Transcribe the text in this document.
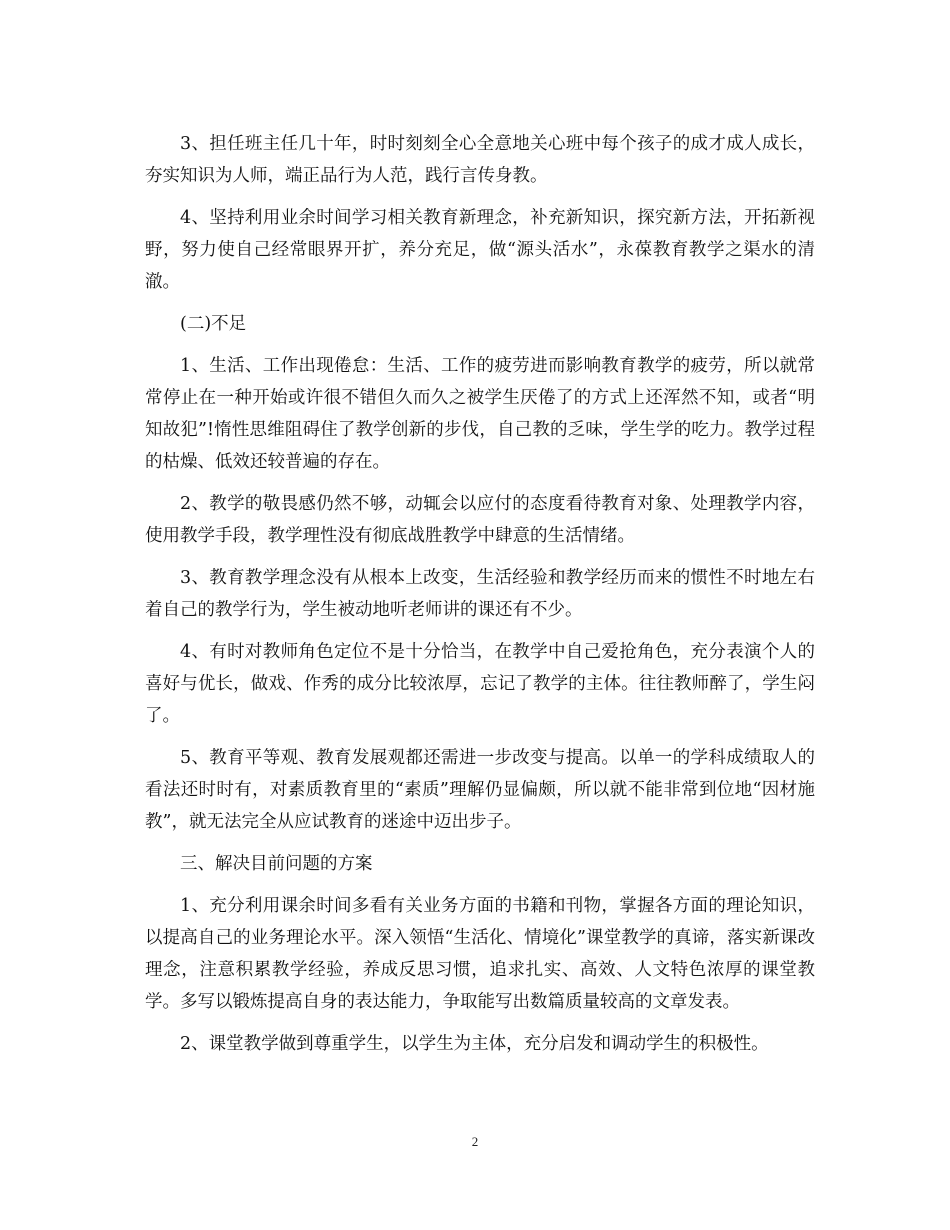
3、担任班主任几十年，时时刻刻全心全意地关心班中每个孩子的成才成人成长，夯实知识为人师，端正品行为人范，践行言传身教。

4、坚持利用业余时间学习相关教育新理念，补充新知识，探究新方法，开拓新视野，努力使自己经常眼界开扩，养分充足，做“源头活水”，永葆教育教学之渠水的清澈。

(二)不足

1、生活、工作出现倦怠：生活、工作的疲劳进而影响教育教学的疲劳，所以就常常停止在一种开始或许很不错但久而久之被学生厌倦了的方式上还浑然不知，或者“明知故犯”!惰性思维阻碍住了教学创新的步伐，自己教的乏味，学生学的吃力。教学过程的枯燥、低效还较普遍的存在。

2、教学的敬畏感仍然不够，动辄会以应付的态度看待教育对象、处理教学内容，使用教学手段，教学理性没有彻底战胜教学中肆意的生活情绪。

3、教育教学理念没有从根本上改变，生活经验和教学经历而来的惯性不时地左右着自己的教学行为，学生被动地听老师讲的课还有不少。

4、有时对教师角色定位不是十分恰当，在教学中自己爱抢角色，充分表演个人的喜好与优长，做戏、作秀的成分比较浓厚，忘记了教学的主体。往往教师醉了，学生闷了。

5、教育平等观、教育发展观都还需进一步改变与提高。以单一的学科成绩取人的看法还时时有，对素质教育里的“素质”理解仍显偏颇，所以就不能非常到位地“因材施教”，就无法完全从应试教育的迷途中迈出步子。

三、解决目前问题的方案

1、充分利用课余时间多看有关业务方面的书籍和刊物，掌握各方面的理论知识，以提高自己的业务理论水平。深入领悟“生活化、情境化”课堂教学的真谛，落实新课改理念，注意积累教学经验，养成反思习惯，追求扎实、高效、人文特色浓厚的课堂教学。多写以锻炼提高自身的表达能力，争取能写出数篇质量较高的文章发表。

2、课堂教学做到尊重学生，以学生为主体，充分启发和调动学生的积极性。

2
